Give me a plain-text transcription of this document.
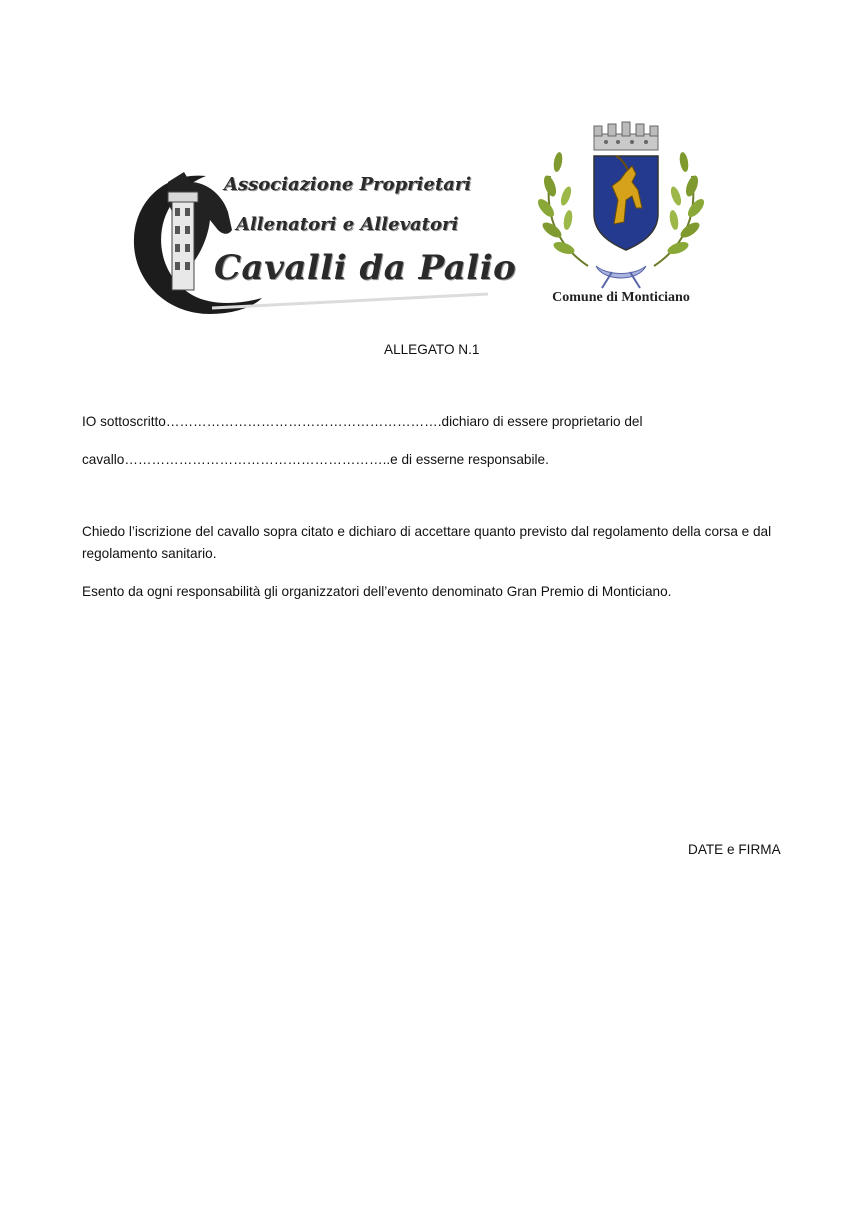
Associazione Proprietari
Allenatori e Allevatori
Cavalli da Palio
Comune di Monticiano
ALLEGATO N.1
IO sottoscritto…………………………………………………….dichiaro di essere proprietario del
cavallo…………………………………………………..e di esserne responsabile.
Chiedo l’iscrizione del cavallo sopra citato e dichiaro di accettare quanto previsto dal regolamento della corsa e dal regolamento sanitario.
Esento da ogni responsabilità gli organizzatori dell’evento denominato Gran Premio di Monticiano.
DATE e FIRMA
